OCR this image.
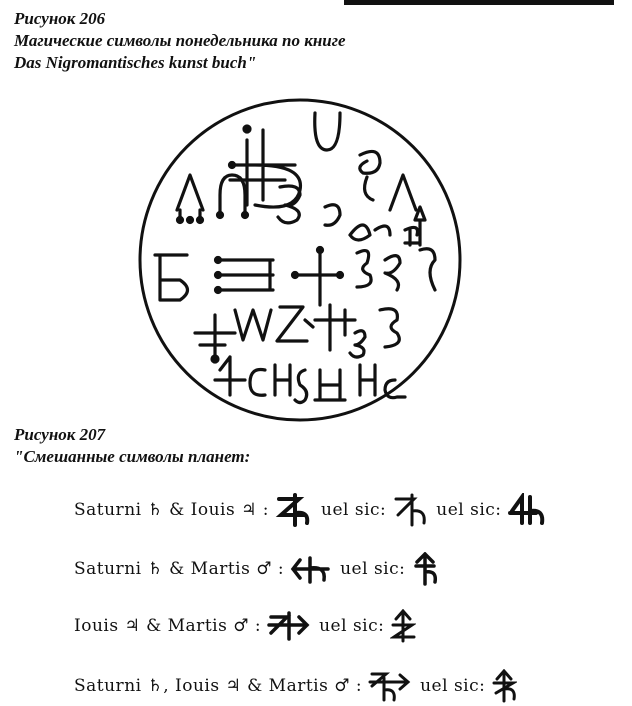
Рисунок 206
Магические символы понедельника по книге
Das Nigromantisches kunst buch"
Рисунок 207
"Смешанные символы планет:
Saturni ♄ & Iouis ♃ :	uel sic:	uel sic:
Saturni ♄ & Martis ♂ :	uel sic:
Iouis ♃ & Martis ♂ :	uel sic:
Saturni ♄, Iouis ♃ & Martis ♂ :	uel sic:
